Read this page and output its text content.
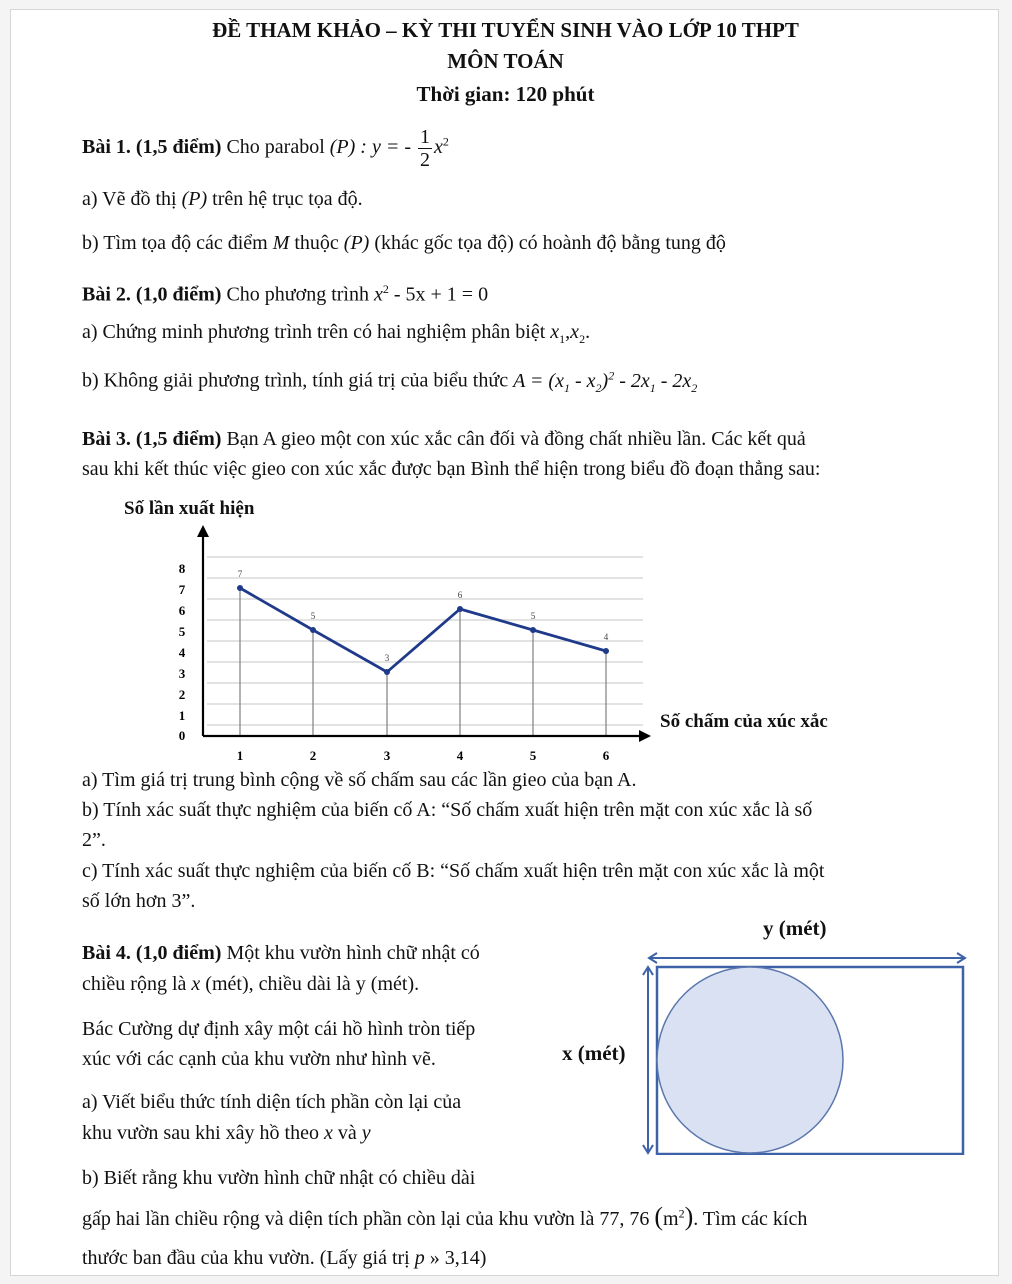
ĐỀ THAM KHẢO – KỲ THI TUYỂN SINH VÀO LỚP 10 THPT
MÔN TOÁN
Thời gian: 120 phút
Bài 1. (1,5 điểm) Cho parabol (P) : y = - $\frac{1}{2} x^2$
a) Vẽ đồ thị (P) trên hệ trục tọa độ.
b) Tìm tọa độ các điểm M thuộc (P) (khác gốc tọa độ) có hoành độ bằng tung độ
Bài 2. (1,0 điểm) Cho phương trình $x^2 - 5x + 1 = 0$
a) Chứng minh phương trình trên có hai nghiệm phân biệt $x_1,x_2$.
b) Không giải phương trình, tính giá trị của biểu thức $A = (x_1 - x_2)^2 - 2x_1 - 2x_2$
Bài 3. (1,5 điểm) Bạn A gieo một con xúc xắc cân đối và đồng chất nhiều lần. Các kết quả
sau khi kết thúc việc gieo con xúc xắc được bạn Bình thể hiện trong biểu đồ đoạn thẳng sau:
Số lần xuất hiện
0
1
2
3
4
5
6
7
8
1	2	3	4	5	6
7
5
3
6
5
4
Số chấm của xúc xắc
a) Tìm giá trị trung bình cộng về số chấm sau các lần gieo của bạn A.
b) Tính xác suất thực nghiệm của biến cố A: “Số chấm xuất hiện trên mặt con xúc xắc là số
2”.
c) Tính xác suất thực nghiệm của biến cố B: “Số chấm xuất hiện trên mặt con xúc xắc là một
số lớn hơn 3”.
Bài 4. (1,0 điểm) Một khu vườn hình chữ nhật có
chiều rộng là x (mét), chiều dài là y (mét).
Bác Cường dự định xây một cái hồ hình tròn tiếp
xúc với các cạnh của khu vườn như hình vẽ.
a) Viết biểu thức tính diện tích phần còn lại của
khu vườn sau khi xây hồ theo x và y
b) Biết rằng khu vườn hình chữ nhật có chiều dài
gấp hai lần chiều rộng và diện tích phần còn lại của khu vườn là 77, 76 $(m^2)$. Tìm các kích
thước ban đầu của khu vườn. (Lấy giá trị p » 3,14)
y (mét)
x (mét)
